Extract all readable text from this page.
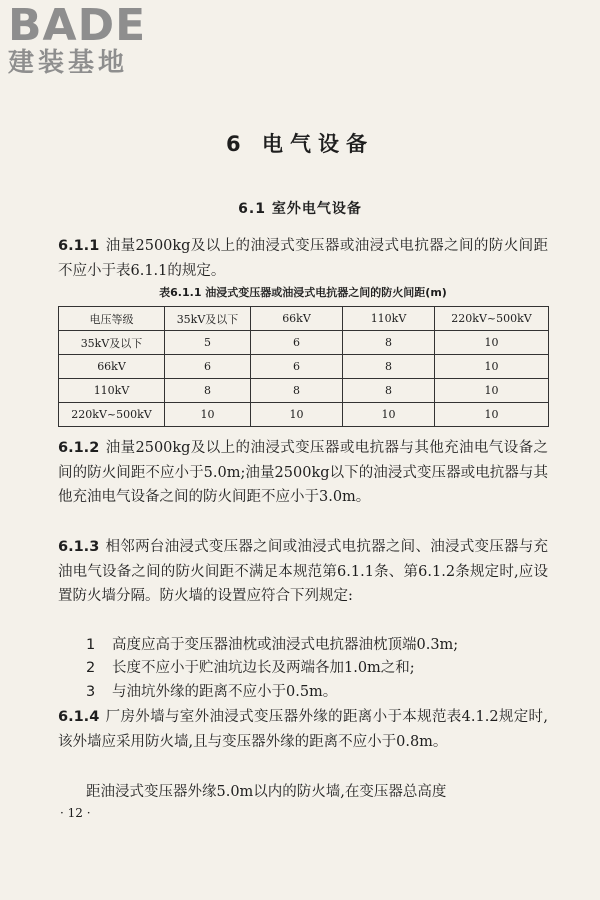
BADE
建装基地
6 电气设备
6.1 室外电气设备

6.1.1 油量2500kg及以上的油浸式变压器或油浸式电抗器之间的防火间距不应小于表6.1.1的规定。

表6.1.1 油浸式变压器或油浸式电抗器之间的防火间距(m)
电压等级	35kV及以下	66kV	110kV	220kV~500kV
35kV及以下	5	6	8	10
66kV	6	6	8	10
110kV	8	8	8	10
220kV~500kV	10	10	10	10

6.1.2 油量2500kg及以上的油浸式变压器或电抗器与其他充油电气设备之间的防火间距不应小于5.0m;油量2500kg以下的油浸式变压器或电抗器与其他充油电气设备之间的防火间距不应小于3.0m。

6.1.3 相邻两台油浸式变压器之间或油浸式电抗器之间、油浸式变压器与充油电气设备之间的防火间距不满足本规范第6.1.1条、第6.1.2条规定时,应设置防火墙分隔。防火墙的设置应符合下列规定:

1 高度应高于变压器油枕或油浸式电抗器油枕顶端0.3m;

2 长度不应小于贮油坑边长及两端各加1.0m之和;

3 与油坑外缘的距离不应小于0.5m。

6.1.4 厂房外墙与室外油浸式变压器外缘的距离小于本规范表4.1.2规定时,该外墙应采用防火墙,且与变压器外缘的距离不应小于0.8m。

距油浸式变压器外缘5.0m以内的防火墙,在变压器总高度

· 12 ·
